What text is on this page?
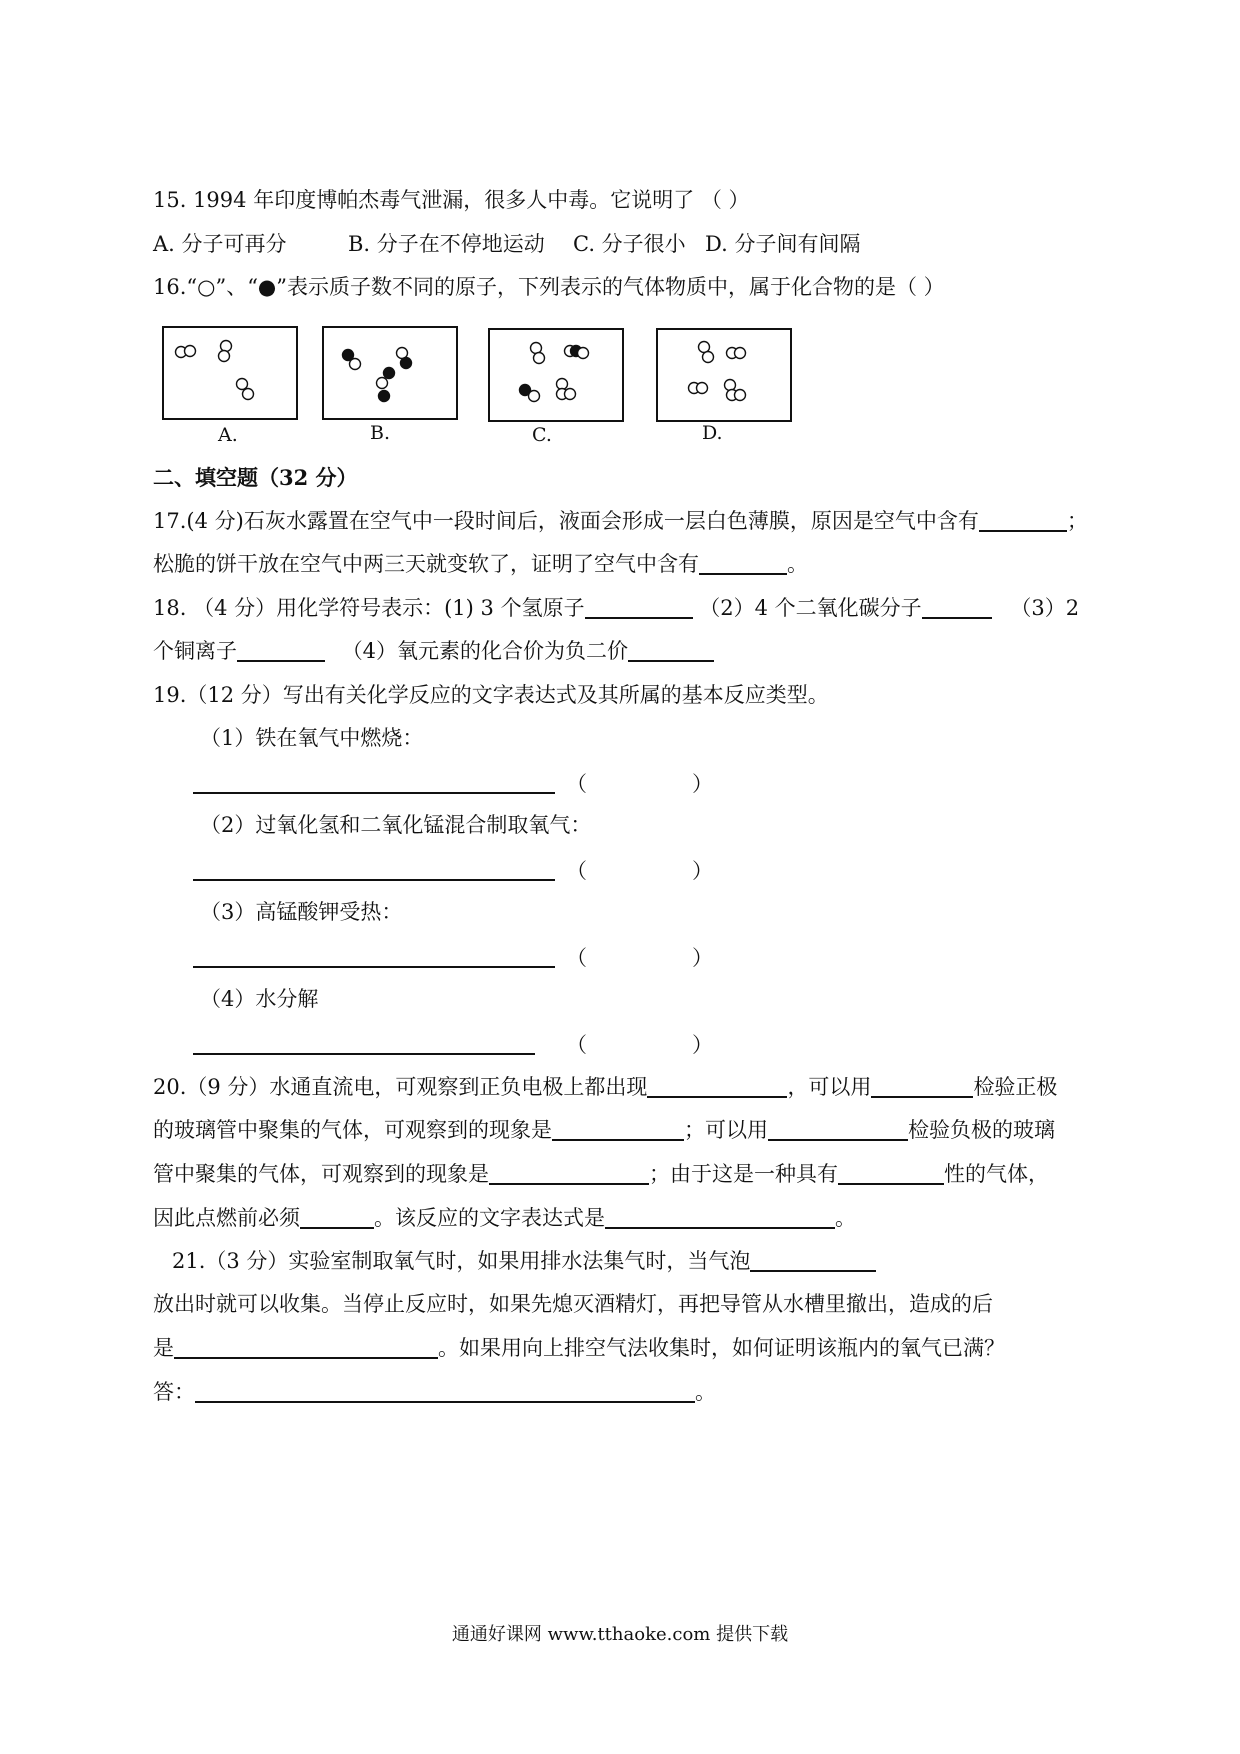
15. 1994 年印度博帕杰毒气泄漏，很多人中毒。它说明了 （ ）
A. 分子可再分	B. 分子在不停地运动 C. 分子很小 D. 分子间有间隔
16.“○”、“●”表示质子数不同的原子，下列表示的气体物质中，属于化合物的是（ ）
A.	B.	C.	D.
二、填空题（32 分）
17.(4 分)石灰水露置在空气中一段时间后，液面会形成一层白色薄膜，原因是空气中含有	；
松脆的饼干放在空气中两三天就变软了，证明了空气中含有	。
18. （4 分）用化学符号表示：(1) 3 个氢原子	（2）4 个二氧化碳分子	（3）2
个铜离子	（4）氧元素的化合价为负二价
19.（12 分）写出有关化学反应的文字表达式及其所属的基本反应类型。
（1）铁在氧气中燃烧：
（	）
（2）过氧化氢和二氧化锰混合制取氧气：
（	）
（3）高锰酸钾受热：
（	）
（4）水分解
（	）
20.（9 分）水通直流电，可观察到正负电极上都出现	，可以用	检验正极
的玻璃管中聚集的气体，可观察到的现象是	；可以用	检验负极的玻璃
管中聚集的气体，可观察到的现象是	；由于这是一种具有	性的气体，
因此点燃前必须	。该反应的文字表达式是	。
21.（3 分）实验室制取氧气时，如果用排水法集气时，当气泡
放出时就可以收集。当停止反应时，如果先熄灭酒精灯，再把导管从水槽里撤出，造成的后
是	。如果用向上排空气法收集时，如何证明该瓶内的氧气已满？
答：	。
通通好课网 www.tthaoke.com 提供下载
